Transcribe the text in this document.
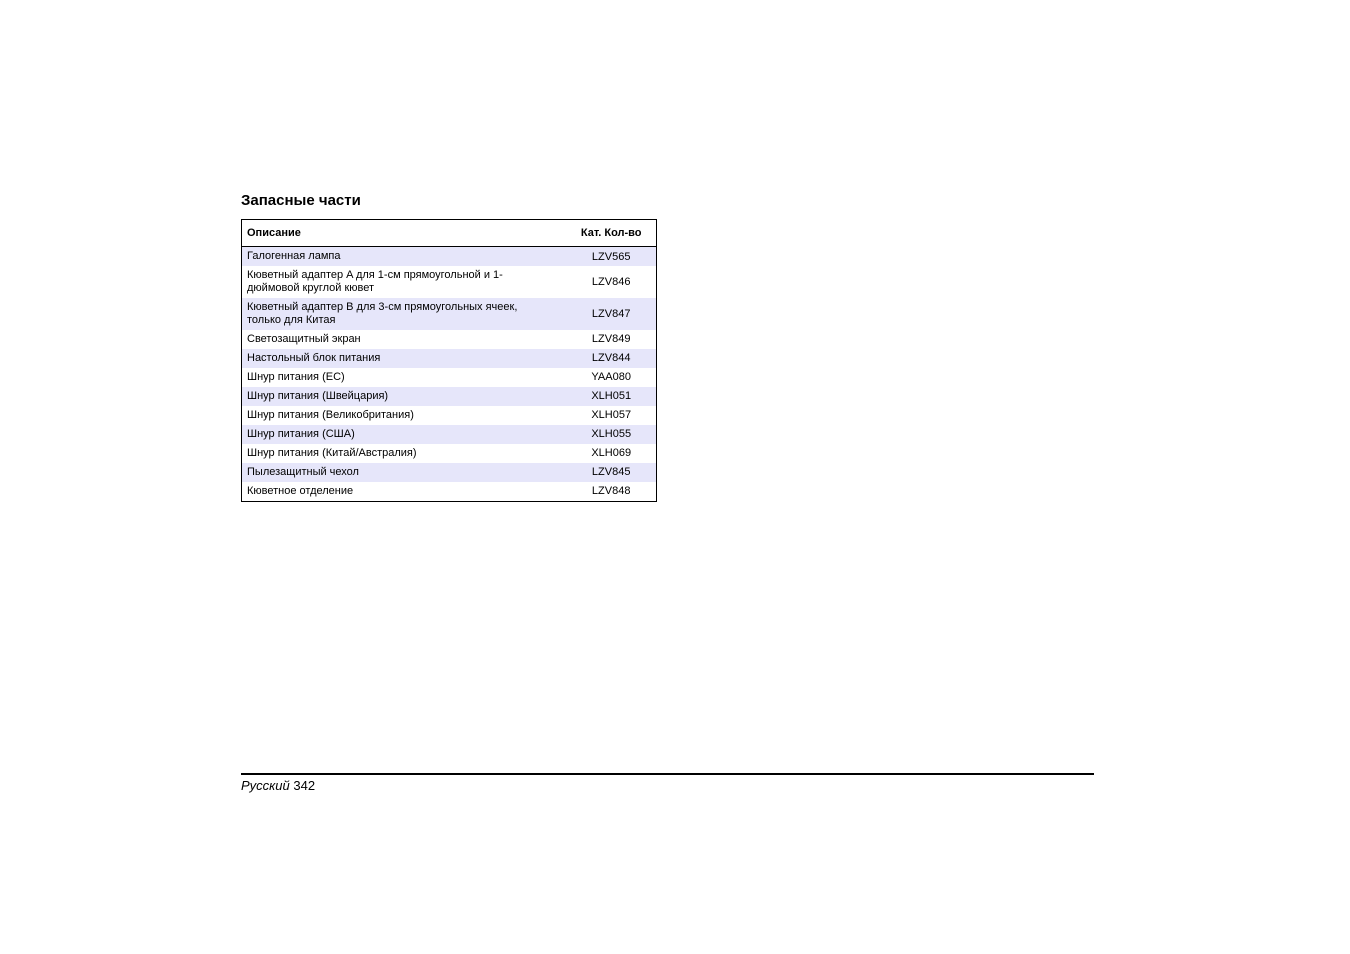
Запасные части
Описание	Кат. Кол-во

Галогенная лампа	LZV565

Кюветный адаптер A для 1-см прямоугольной и 1-дюймовой круглой кювет	LZV846

Кюветный адаптер B для 3-см прямоугольных ячеек, только для Китая	LZV847

Светозащитный экран	LZV849

Настольный блок питания	LZV844

Шнур питания (ЕС)	YAA080

Шнур питания (Швейцария)	XLH051

Шнур питания (Великобритания)	XLH057

Шнур питания (США)	XLH055

Шнур питания (Китай/Австралия)	XLH069

Пылезащитный чехол	LZV845

Кюветное отделение	LZV848
Русский 342
